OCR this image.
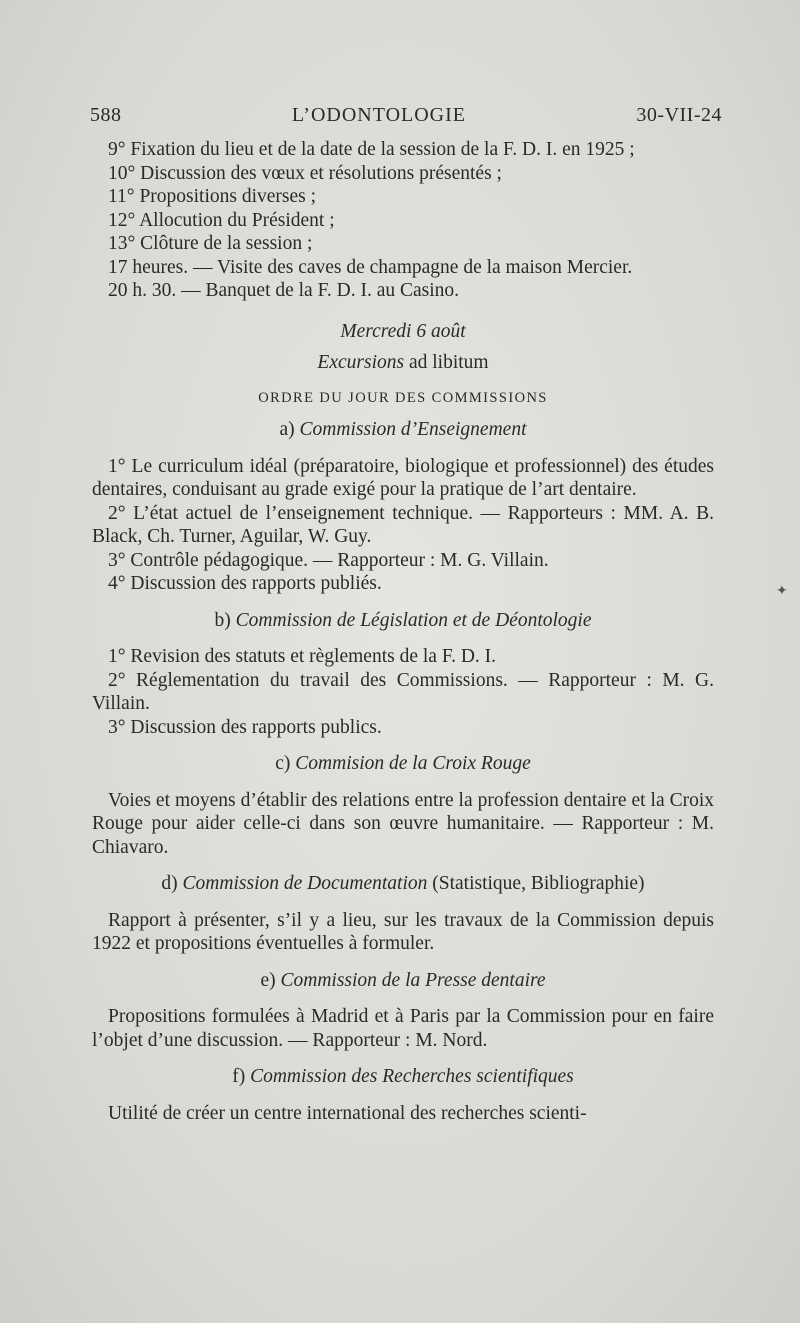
588	L’ODONTOLOGIE	30-VII-24
✦

9° Fixation du lieu et de la date de la session de la F. D. I. en 1925 ;

10° Discussion des vœux et résolutions présentés ;

11° Propositions diverses ;

12° Allocution du Président ;

13° Clôture de la session ;

17 heures. — Visite des caves de champagne de la maison Mercier.

20 h. 30. — Banquet de la F. D. I. au Casino.

Mercredi 6 août

Excursions ad libitum

ORDRE DU JOUR DES COMMISSIONS

a) Commission d’Enseignement

1° Le curriculum idéal (préparatoire, biologique et professionnel) des études dentaires, conduisant au grade exigé pour la pratique de l’art dentaire.

2° L’état actuel de l’enseignement technique. — Rapporteurs : MM. A. B. Black, Ch. Turner, Aguilar, W. Guy.

3° Contrôle pédagogique. — Rapporteur : M. G. Villain.

4° Discussion des rapports publiés.

b) Commission de Législation et de Déontologie

1° Revision des statuts et règlements de la F. D. I.

2° Réglementation du travail des Commissions. — Rapporteur : M. G. Villain.

3° Discussion des rapports publics.

c) Commision de la Croix Rouge

Voies et moyens d’établir des relations entre la profession dentaire et la Croix Rouge pour aider celle-ci dans son œuvre humanitaire. — Rapporteur : M. Chiavaro.

d) Commission de Documentation (Statistique, Bibliographie)

Rapport à présenter, s’il y a lieu, sur les travaux de la Commission depuis 1922 et propositions éventuelles à formuler.

e) Commission de la Presse dentaire

Propositions formulées à Madrid et à Paris par la Commission pour en faire l’objet d’une discussion. — Rapporteur : M. Nord.

f) Commission des Recherches scientifiques

Utilité de créer un centre international des recherches scienti-
